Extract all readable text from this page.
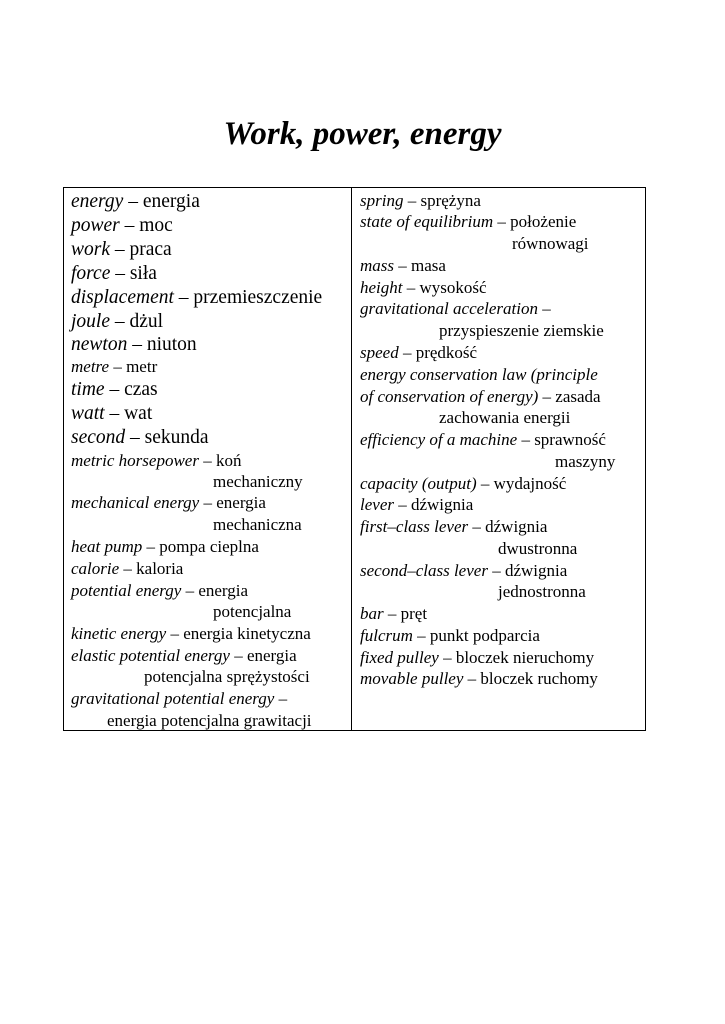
Work, power, energy
energy – energia
power – moc
work – praca
force – siła
displacement – przemieszczenie
joule – dżul
newton – niuton
metre – metr
time – czas
watt – wat
second – sekunda
metric horsepower – koń
mechaniczny
mechanical energy – energia
mechaniczna
heat pump – pompa cieplna
calorie – kaloria
potential energy – energia
potencjalna
kinetic energy – energia kinetyczna
elastic potential energy – energia
potencjalna sprężystości
gravitational potential energy –
energia potencjalna grawitacji
spring – sprężyna
state of equilibrium – położenie
równowagi
mass – masa
height – wysokość
gravitational acceleration –
przyspieszenie ziemskie
speed – prędkość
energy conservation law (principle
of conservation of energy) – zasada
zachowania energii
efficiency of a machine – sprawność
maszyny
capacity (output) – wydajność
lever – dźwignia
first–class lever – dźwignia
dwustronna
second–class lever – dźwignia
jednostronna
bar – pręt
fulcrum – punkt podparcia
fixed pulley – bloczek nieruchomy
movable pulley – bloczek ruchomy
